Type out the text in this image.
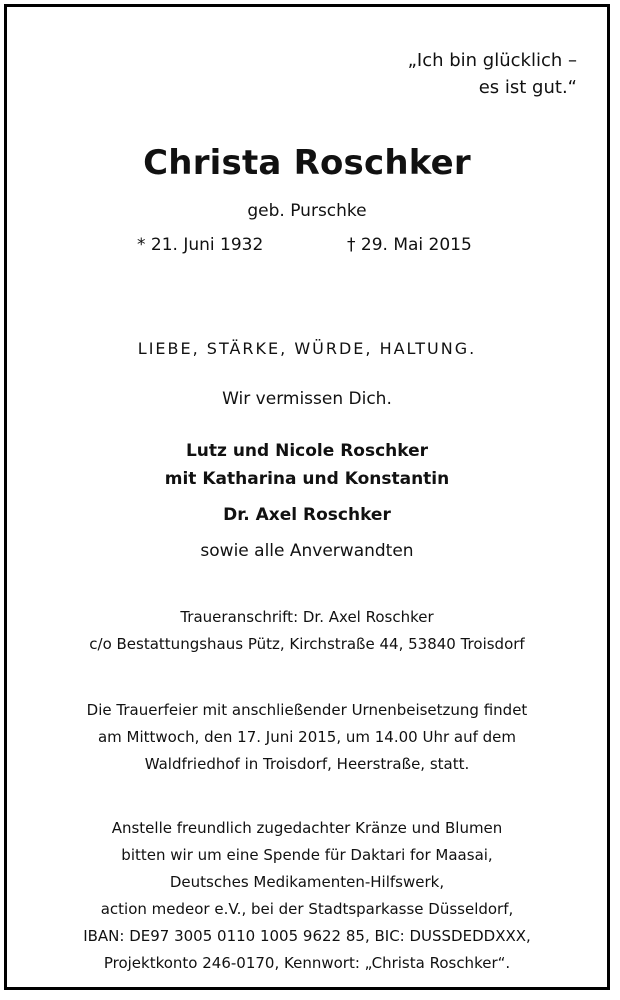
„Ich bin glücklich –
es ist gut.“
Christa Roschker
geb. Purschke
* 21. Juni 1932	† 29. Mai 2015
LIEBE, STÄRKE, WÜRDE, HALTUNG.
Wir vermissen Dich.
Lutz und Nicole Roschker
mit Katharina und Konstantin
Dr. Axel Roschker
sowie alle Anverwandten
Traueranschrift: Dr. Axel Roschker
c/o Bestattungshaus Pütz, Kirchstraße 44, 53840 Troisdorf
Die Trauerfeier mit anschließender Urnenbeisetzung findet
am Mittwoch, den 17. Juni 2015, um 14.00 Uhr auf dem
Waldfriedhof in Troisdorf, Heerstraße, statt.
Anstelle freundlich zugedachter Kränze und Blumen
bitten wir um eine Spende für Daktari for Maasai,
Deutsches Medikamenten-Hilfswerk,
action medeor e.V., bei der Stadtsparkasse Düsseldorf,
IBAN: DE97 3005 0110 1005 9622 85, BIC: DUSSDEDDXXX,
Projektkonto 246-0170, Kennwort: „Christa Roschker“.
